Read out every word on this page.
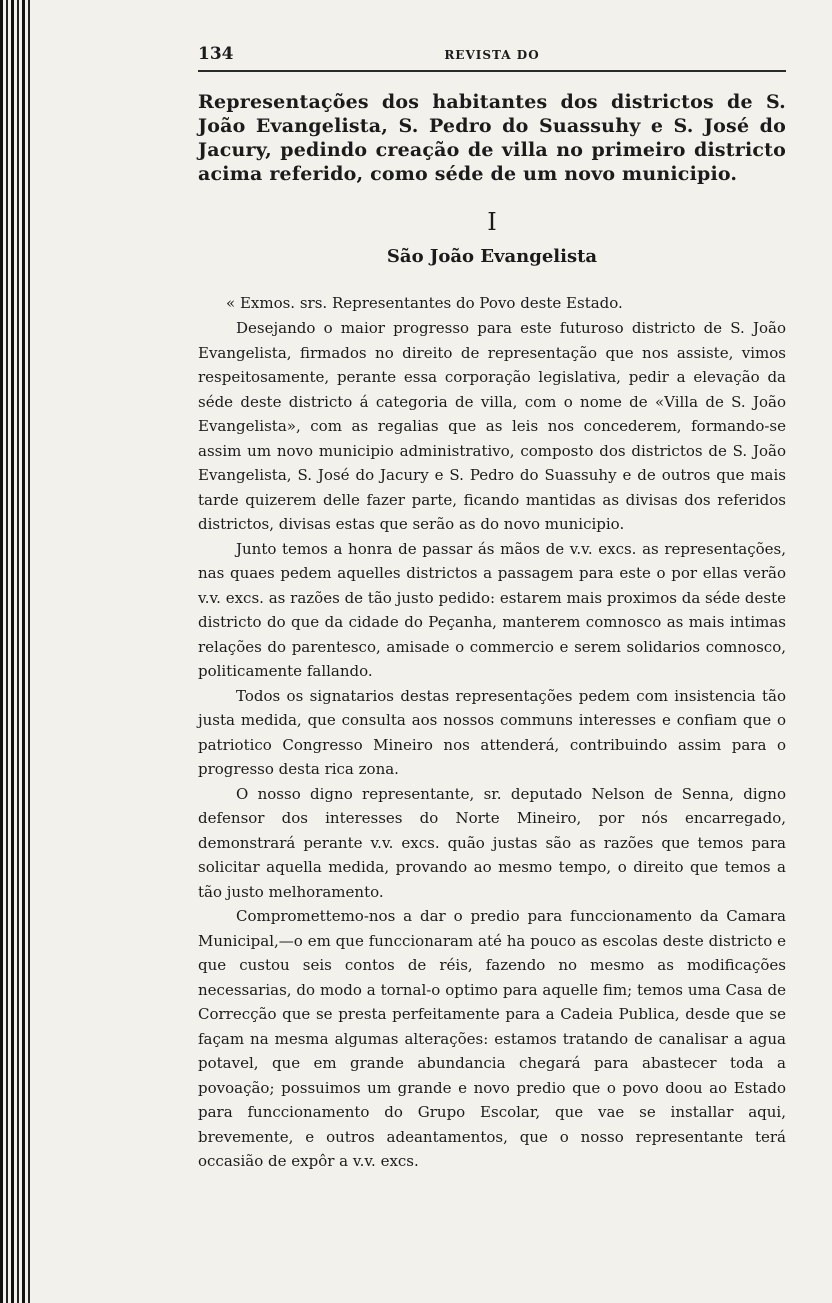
134	REVISTA DO
Representações dos habitantes dos districtos de S. João Evangelista, S. Pedro do Suassuhy e S. José do Jacury, pedindo creação de villa no primeiro districto acima referido, como séde de um novo municipio.
I
São João Evangelista

« Exmos. srs. Representantes do Povo deste Estado.

Desejando o maior progresso para este futuroso districto de S. João Evangelista, firmados no direito de representação que nos assiste, vimos respeitosamente, perante essa corporação legislativa, pedir a elevação da séde deste districto á categoria de villa, com o nome de «Villa de S. João Evangelista», com as regalias que as leis nos concederem, formando-se assim um novo municipio administrativo, composto dos districtos de S. João Evangelista, S. José do Jacury e S. Pedro do Suassuhy e de outros que mais tarde quizerem delle fazer parte, ficando mantidas as divisas dos referidos districtos, divisas estas que serão as do novo municipio.

Junto temos a honra de passar ás mãos de v.v. excs. as representações, nas quaes pedem aquelles districtos a passagem para este o por ellas verão v.v. excs. as razões de tão justo pedido: estarem mais proximos da séde deste districto do que da cidade do Peçanha, manterem comnosco as mais intimas relações do parentesco, amisade o commercio e serem solidarios comnosco, politicamente fallando.

Todos os signatarios destas representações pedem com insistencia tão justa medida, que consulta aos nossos communs interesses e confiam que o patriotico Congresso Mineiro nos attenderá, contribuindo assim para o progresso desta rica zona.

O nosso digno representante, sr. deputado Nelson de Senna, digno defensor dos interesses do Norte Mineiro, por nós encarregado, demonstrará perante v.v. excs. quão justas são as razões que temos para solicitar aquella medida, provando ao mesmo tempo, o direito que temos a tão justo melhoramento.

Compromettemo-nos a dar o predio para funccionamento da Camara Municipal,—o em que funccionaram até ha pouco as escolas deste districto e que custou seis contos de réis, fazendo no mesmo as modificações necessarias, do modo a tornal-o optimo para aquelle fim; temos uma Casa de Correcção que se presta perfeitamente para a Cadeia Publica, desde que se façam na mesma algumas alterações: estamos tratando de canalisar a agua potavel, que em grande abundancia chegará para abastecer toda a povoação; possuimos um grande e novo predio que o povo doou ao Estado para funccionamento do Grupo Escolar, que vae se installar aqui, brevemente, e outros adeantamentos, que o nosso representante terá occasião de expôr a v.v. excs.
